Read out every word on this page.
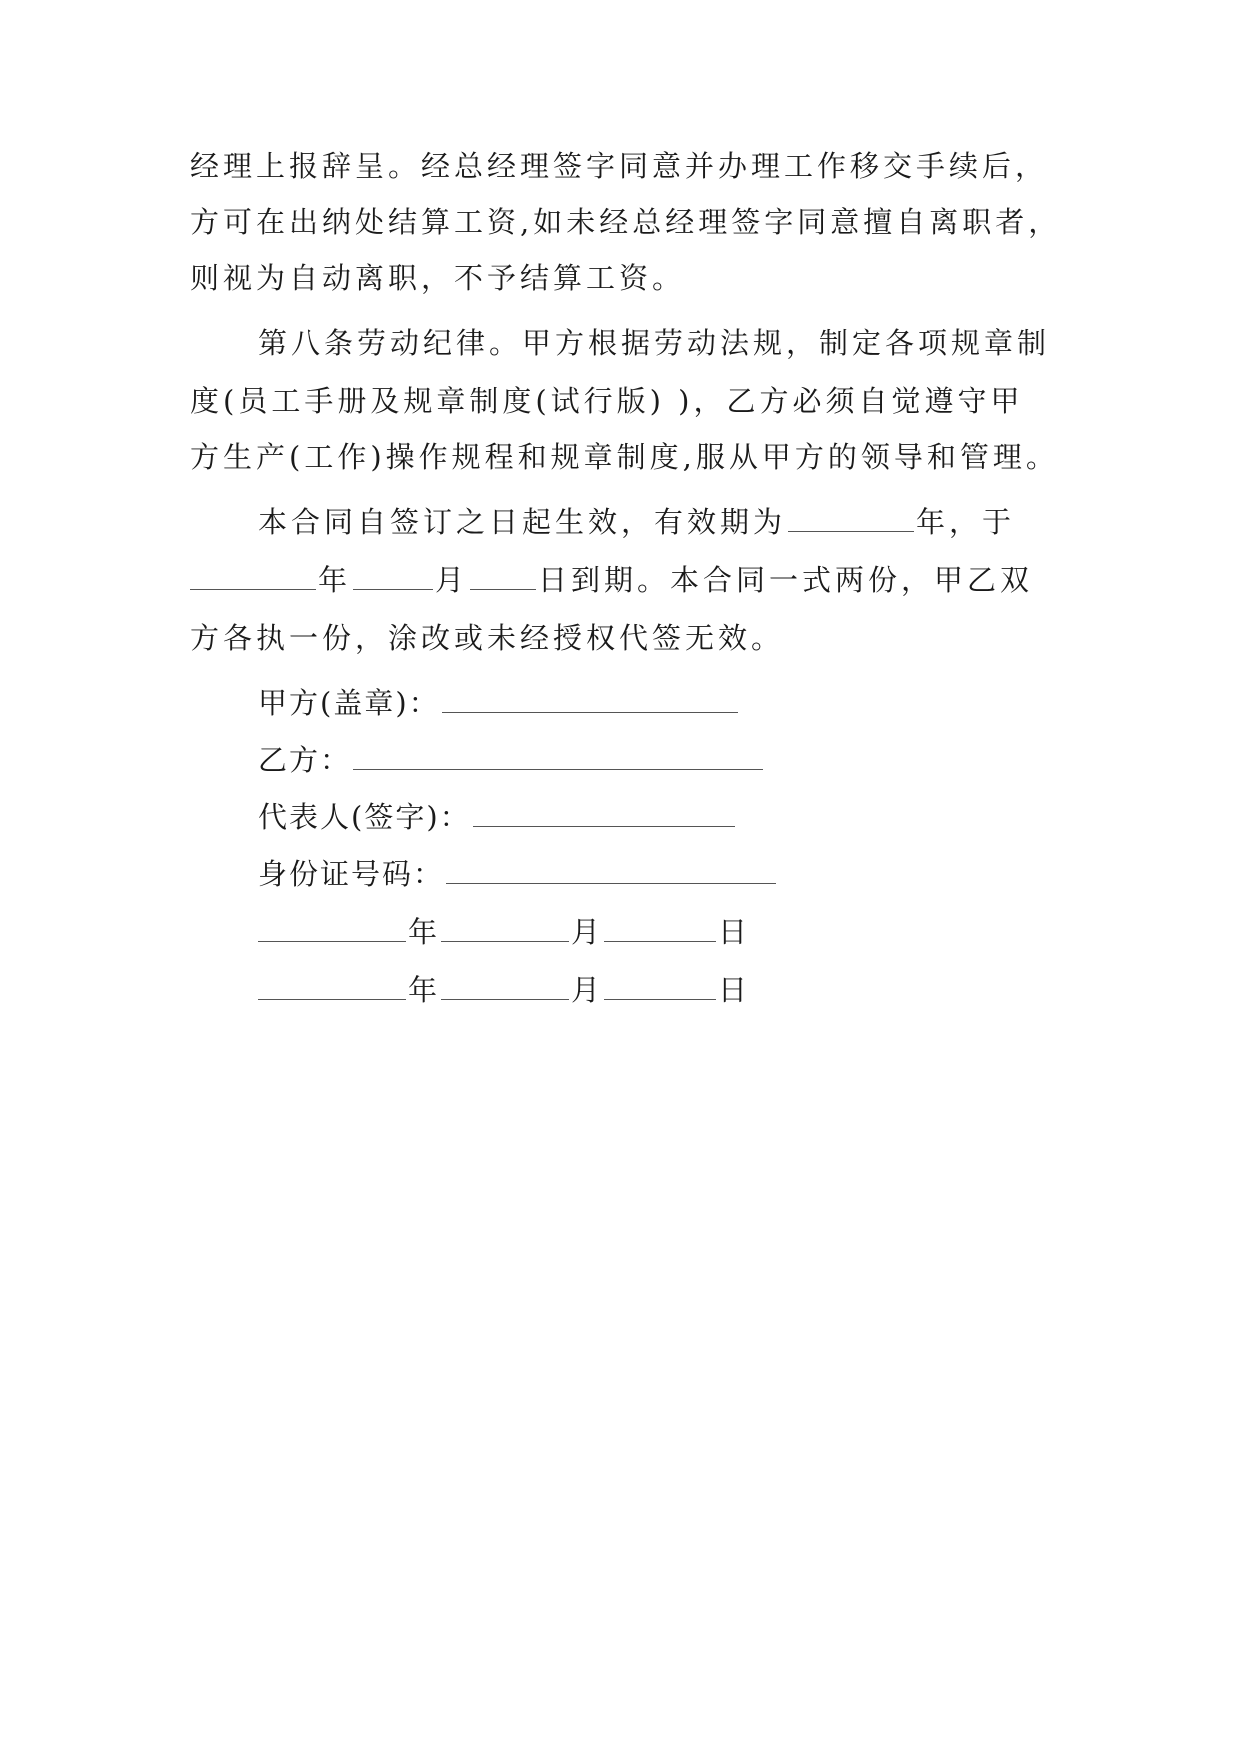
经理上报辞呈。经总经理签字同意并办理工作移交手续后，
方可在出纳处结算工资,如未经总经理签字同意擅自离职者，
则视为自动离职，不予结算工资。
第八条劳动纪律。甲方根据劳动法规，制定各项规章制
度(员工手册及规章制度(试行版) )，乙方必须自觉遵守甲
方生产(工作)操作规程和规章制度,服从甲方的领导和管理。
本合同自签订之日起生效，有效期为	年，于
年	月 日到期。本合同一式两份，甲乙双
方各执一份，涂改或未经授权代签无效。
甲方(盖章)：
乙方：
代表人(签字)：
身份证号码：
年	月	日
年	月	日
